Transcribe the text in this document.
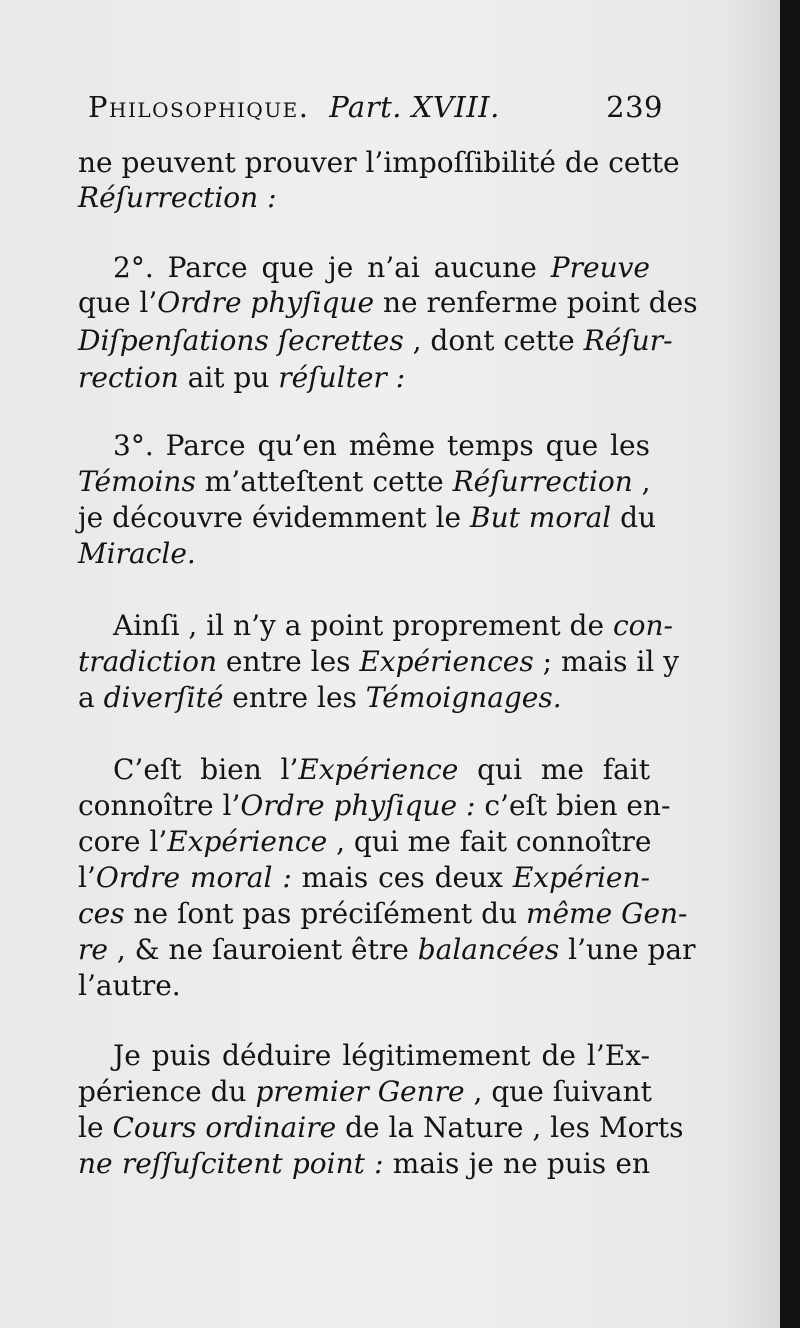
Philosophique. Part. XVIII.	239
ne peuvent prouver l’impoſſibilité de cette
Réſurrection :
2°. Parce que je n’ai aucune Preuve
que l’Ordre phyſique ne renferme point des
Diſpenſations ſecrettes , dont cette Réſur-
rection ait pu réſulter :
3°. Parce qu’en même temps que les
Témoins m’atteſtent cette Réſurrection ,
je découvre évidemment le But moral du
Miracle.
Ainſi , il n’y a point proprement de con-
tradiction entre les Expériences ; mais il y
a diverſité entre les Témoignages.
C’eſt bien l’Expérience qui me fait
connoître l’Ordre phyſique : c’eſt bien en-
core l’Expérience , qui me fait connoître
l’Ordre moral : mais ces deux Expérien-
ces ne ſont pas préciſément du même Gen-
re , & ne ſauroient être balancées l’une par
l’autre.
Je puis déduire légitimement de l’Ex-
périence du premier Genre , que ſuivant
le Cours ordinaire de la Nature , les Morts
ne reſſuſcitent point : mais je ne puis en
